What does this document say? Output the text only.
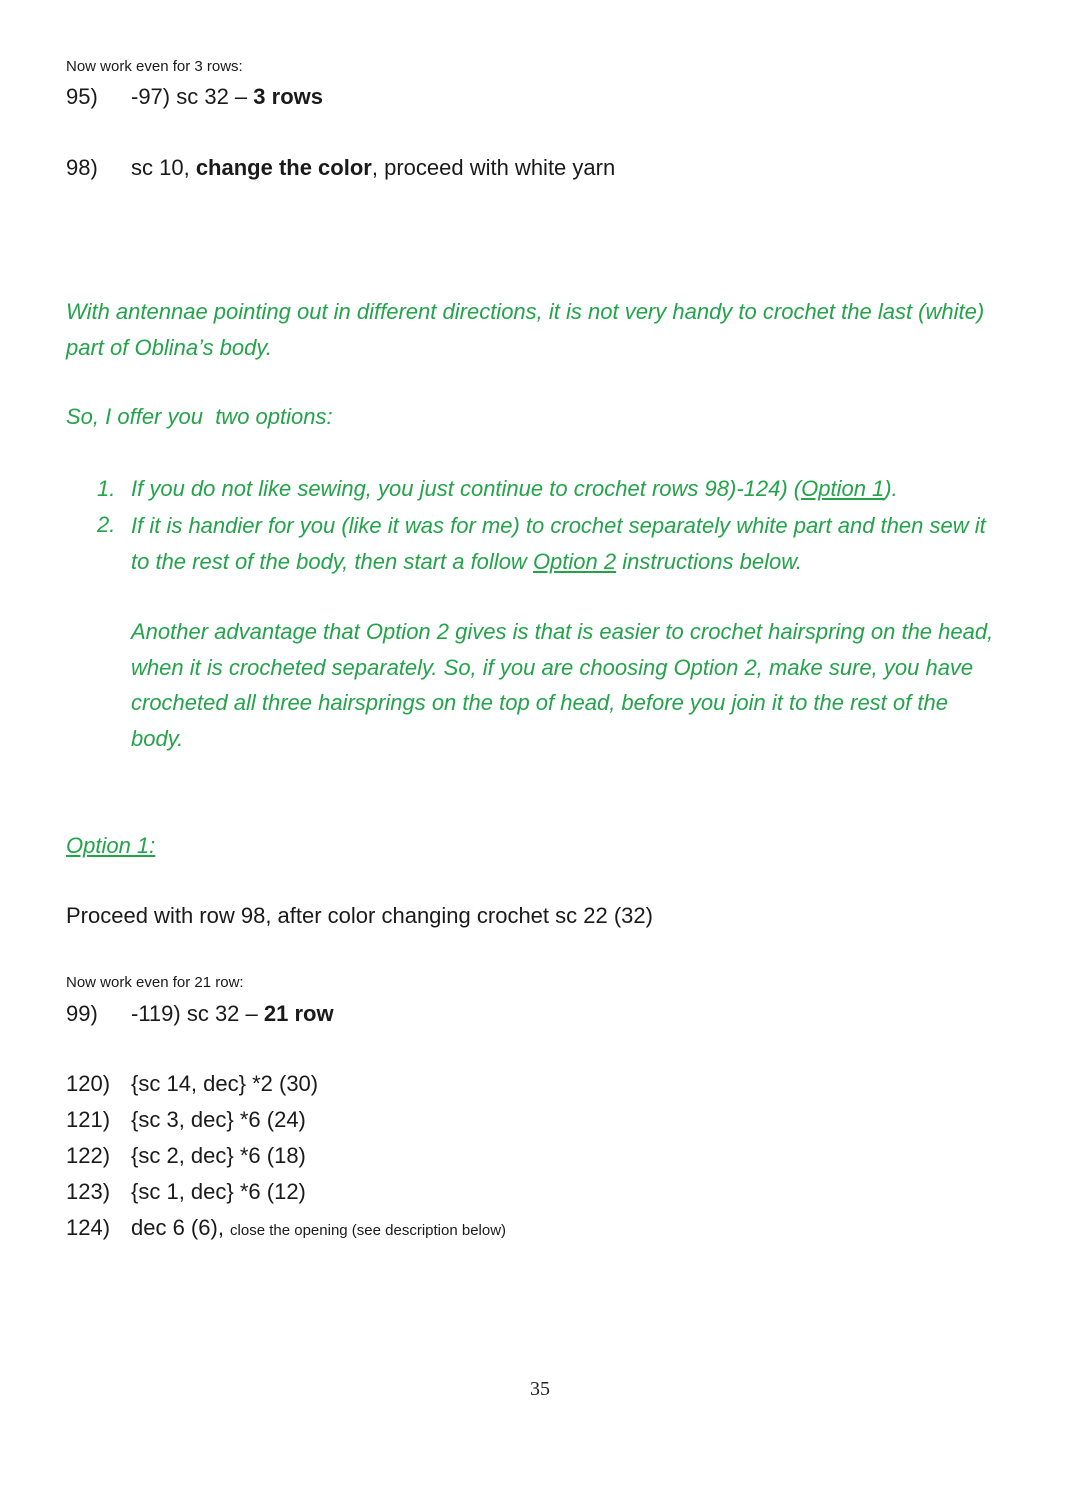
Now work even for 3 rows:
95) -97) sc 32 – 3 rows
98) sc 10, change the color, proceed with white yarn
With antennae pointing out in different directions, it is not very handy to crochet the last (white) part of Oblina’s body.
So, I offer you  two options:
1. If you do not like sewing, you just continue to crochet rows 98)-124) (Option 1).
2. If it is handier for you (like it was for me) to crochet separately white part and then sew it to the rest of the body, then start a follow Option 2 instructions below.
Another advantage that Option 2 gives is that is easier to crochet hairspring on the head, when it is crocheted separately. So, if you are choosing Option 2, make sure, you have crocheted all three hairsprings on the top of head, before you join it to the rest of the body.
Option 1:
Proceed with row 98, after color changing crochet sc 22 (32)
Now work even for 21 row:
99) -119) sc 32 – 21 row
120) {sc 14, dec} *2 (30)
121) {sc 3, dec} *6 (24)
122) {sc 2, dec} *6 (18)
123) {sc 1, dec} *6 (12)
124) dec 6 (6), close the opening (see description below)
35
